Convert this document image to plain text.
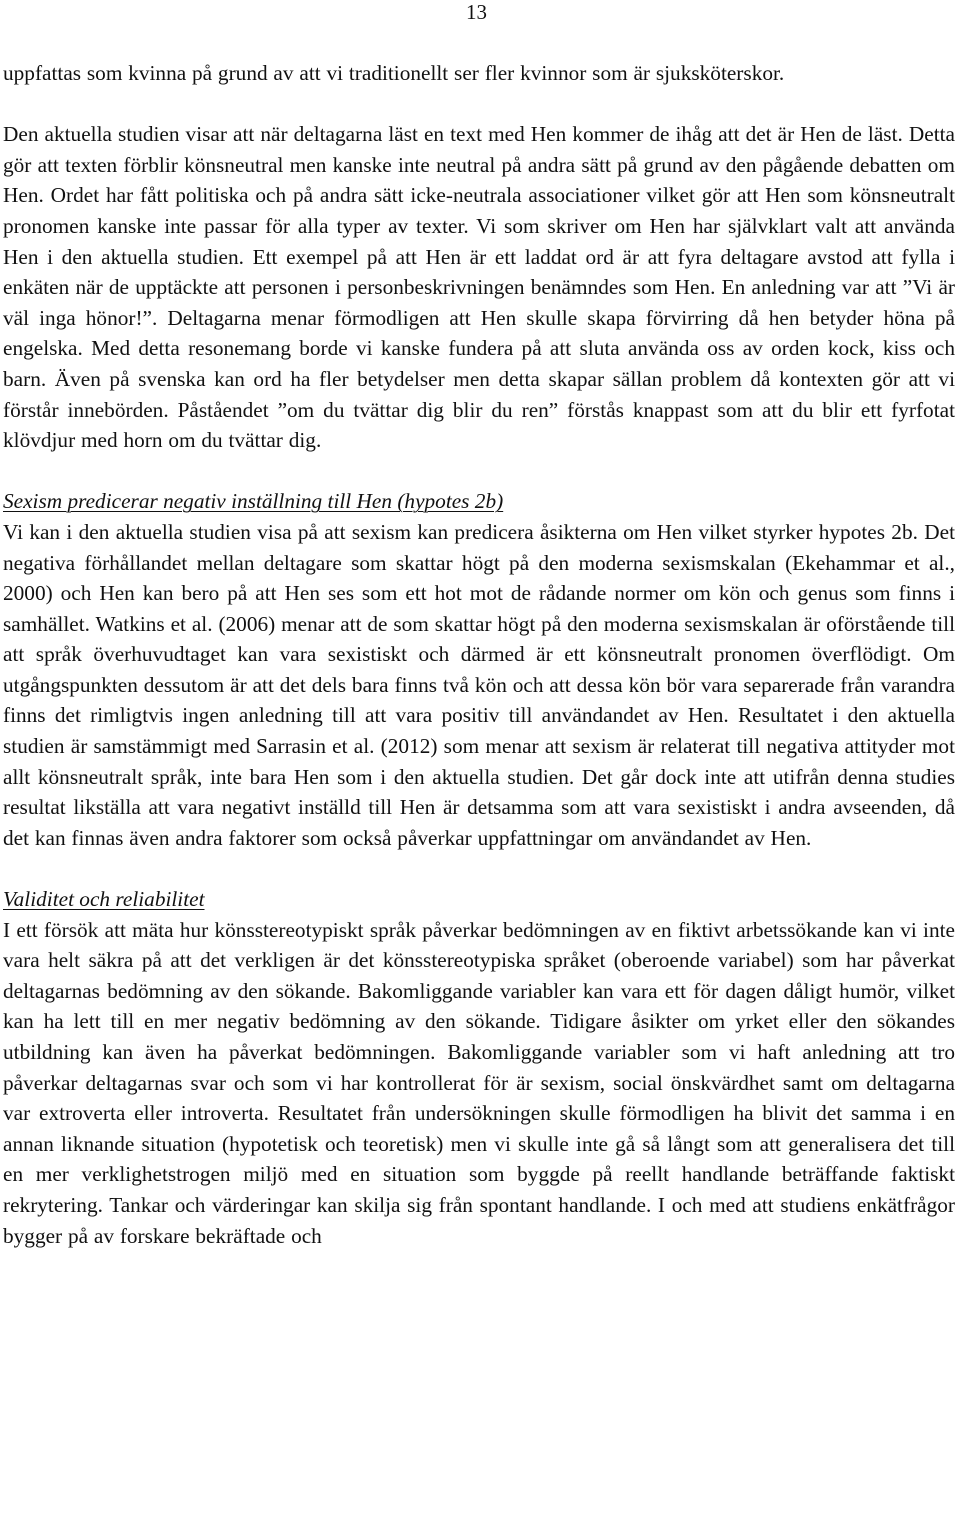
13

uppfattas som kvinna på grund av att vi traditionellt ser fler kvinnor som är sjuksköterskor.

Den aktuella studien visar att när deltagarna läst en text med Hen kommer de ihåg att det är Hen de läst. Detta gör att texten förblir könsneutral men kanske inte neutral på andra sätt på grund av den pågående debatten om Hen. Ordet har fått politiska och på andra sätt icke-neutrala associationer vilket gör att Hen som könsneutralt pronomen kanske inte passar för alla typer av texter. Vi som skriver om Hen har självklart valt att använda Hen i den aktuella studien. Ett exempel på att Hen är ett laddat ord är att fyra deltagare avstod att fylla i enkäten när de upptäckte att personen i personbeskrivningen benämndes som Hen. En anledning var att ”Vi är väl inga hönor!”. Deltagarna menar förmodligen att Hen skulle skapa förvirring då hen betyder höna på engelska. Med detta resonemang borde vi kanske fundera på att sluta använda oss av orden kock, kiss och barn. Även på svenska kan ord ha fler betydelser men detta skapar sällan problem då kontexten gör att vi förstår innebörden. Påståendet ”om du tvättar dig blir du ren” förstås knappast som att du blir ett fyrfotat klövdjur med horn om du tvättar dig.

Sexism predicerar negativ inställning till Hen (hypotes 2b)

Vi kan i den aktuella studien visa på att sexism kan predicera åsikterna om Hen vilket styrker hypotes 2b. Det negativa förhållandet mellan deltagare som skattar högt på den moderna sexismskalan (Ekehammar et al., 2000) och Hen kan bero på att Hen ses som ett hot mot de rådande normer om kön och genus som finns i samhället. Watkins et al. (2006) menar att de som skattar högt på den moderna sexismskalan är oförstående till att språk överhuvudtaget kan vara sexistiskt och därmed är ett könsneutralt pronomen överflödigt. Om utgångspunkten dessutom är att det dels bara finns två kön och att dessa kön bör vara separerade från varandra finns det rimligtvis ingen anledning till att vara positiv till användandet av Hen. Resultatet i den aktuella studien är samstämmigt med Sarrasin et al. (2012) som menar att sexism är relaterat till negativa attityder mot allt könsneutralt språk, inte bara Hen som i den aktuella studien. Det går dock inte att utifrån denna studies resultat likställa att vara negativt inställd till Hen är detsamma som att vara sexistiskt i andra avseenden, då det kan finnas även andra faktorer som också påverkar uppfattningar om användandet av Hen.

Validitet och reliabilitet

I ett försök att mäta hur könsstereotypiskt språk påverkar bedömningen av en fiktivt arbetssökande kan vi inte vara helt säkra på att det verkligen är det könsstereotypiska språket (oberoende variabel) som har påverkat deltagarnas bedömning av den sökande. Bakomliggande variabler kan vara ett för dagen dåligt humör, vilket kan ha lett till en mer negativ bedömning av den sökande. Tidigare åsikter om yrket eller den sökandes utbildning kan även ha påverkat bedömningen. Bakomliggande variabler som vi haft anledning att tro påverkar deltagarnas svar och som vi har kontrollerat för är sexism, social önskvärdhet samt om deltagarna var extroverta eller introverta. Resultatet från undersökningen skulle förmodligen ha blivit det samma i en annan liknande situation (hypotetisk och teoretisk) men vi skulle inte gå så långt som att generalisera det till en mer verklighetstrogen miljö med en situation som byggde på reellt handlande beträffande faktiskt rekrytering. Tankar och värderingar kan skilja sig från spontant handlande. I och med att studiens enkätfrågor bygger på av forskare bekräftade och
